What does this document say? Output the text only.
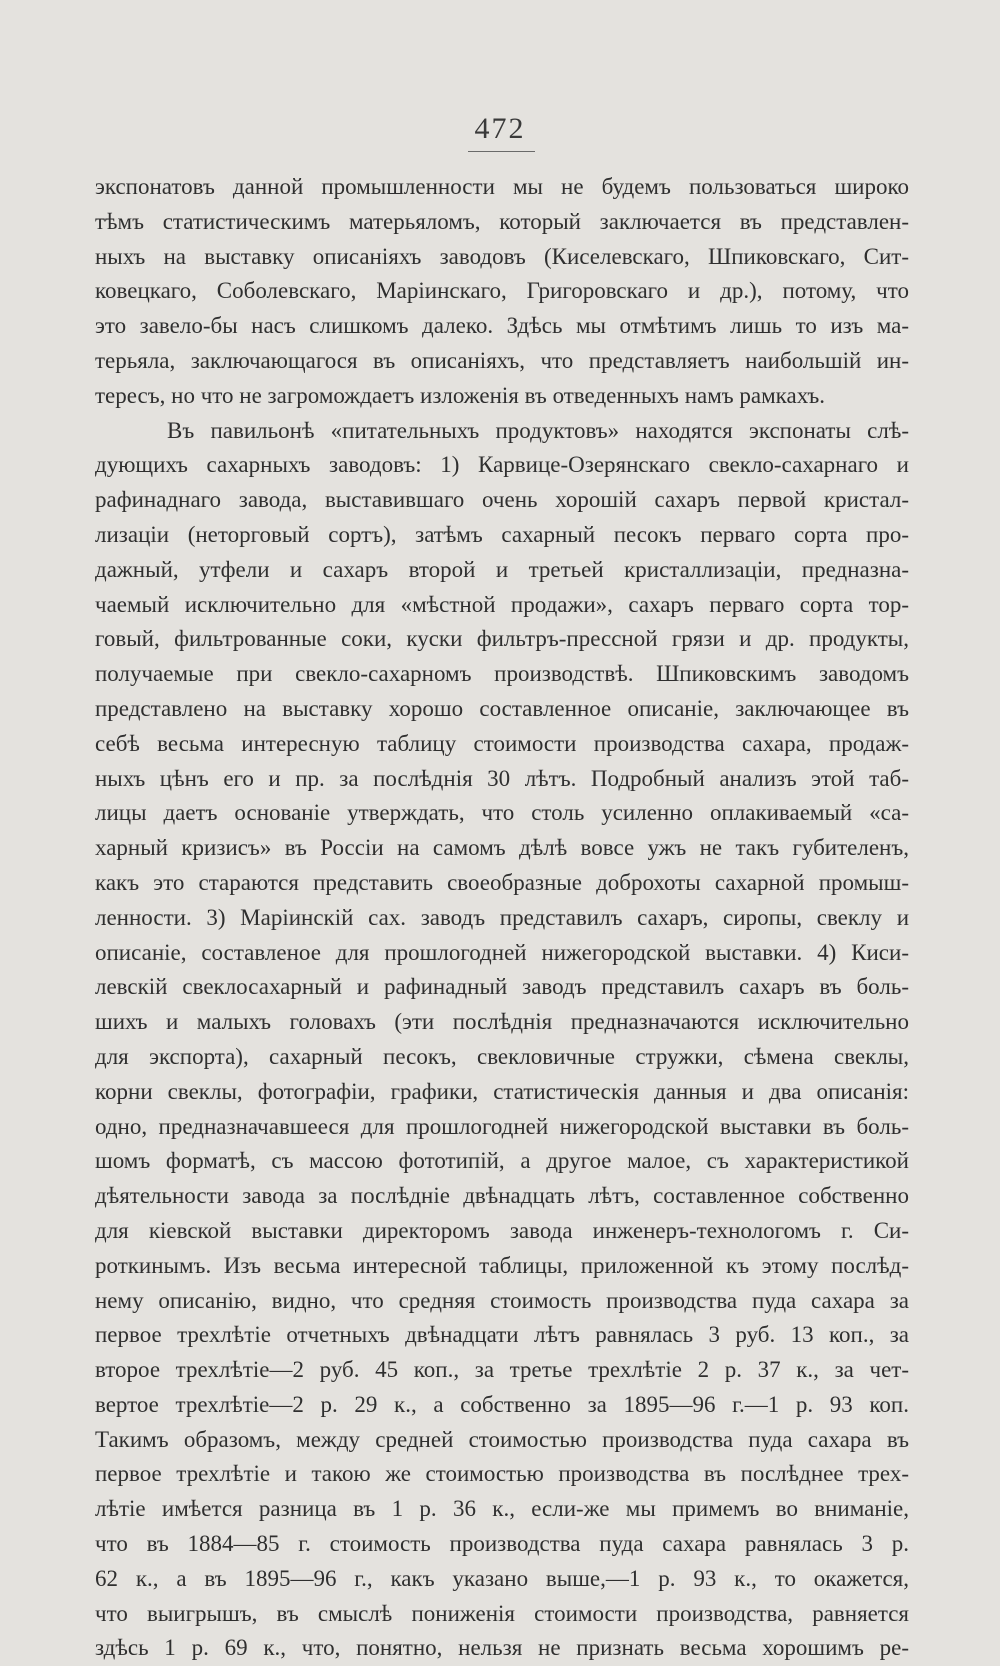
472
экспонатовъ данной промышленности мы не будемъ пользоваться широко
тѣмъ статистическимъ матерьяломъ, который заключается въ представлен-
ныхъ на выставку описаніяхъ заводовъ (Киселевскаго, Шпиковскаго, Сит-
ковецкаго, Соболевскаго, Маріинскаго, Григоровскаго и др.), потому, что
это завело-бы насъ слишкомъ далеко. Здѣсь мы отмѣтимъ лишь то изъ ма-
терьяла, заключающагося въ описаніяхъ, что представляетъ наибольшій ин-
тересъ, но что не загромождаетъ изложенія въ отведенныхъ намъ рамкахъ.
Въ павильонѣ «питательныхъ продуктовъ» находятся экспонаты слѣ-
дующихъ сахарныхъ заводовъ: 1) Карвице-Озерянскаго свекло-сахарнаго и
рафинаднаго завода, выставившаго очень хорошій сахаръ первой кристал-
лизаціи (неторговый сортъ), затѣмъ сахарный песокъ перваго сорта про-
дажный, утфели и сахаръ второй и третьей кристаллизаціи, предназна-
чаемый исключительно для «мѣстной продажи», сахаръ перваго сорта тор-
говый, фильтрованные соки, куски фильтръ-прессной грязи и др. продукты,
получаемые при свекло-сахарномъ производствѣ. Шпиковскимъ заводомъ
представлено на выставку хорошо составленное описаніе, заключающее въ
себѣ весьма интересную таблицу стоимости производства сахара, продаж-
ныхъ цѣнъ его и пр. за послѣднія 30 лѣтъ. Подробный анализъ этой таб-
лицы даетъ основаніе утверждать, что столь усиленно оплакиваемый «са-
харный кризисъ» въ Россіи на самомъ дѣлѣ вовсе ужъ не такъ губителенъ,
какъ это стараются представить своеобразные доброхоты сахарной промыш-
ленности. 3) Маріинскій сах. заводъ представилъ сахаръ, сиропы, свеклу и
описаніе, составленое для прошлогодней нижегородской выставки. 4) Киси-
левскій свеклосахарный и рафинадный заводъ представилъ сахаръ въ боль-
шихъ и малыхъ головахъ (эти послѣднія предназначаются исключительно
для экспорта), сахарный песокъ, свекловичные стружки, сѣмена свеклы,
корни свеклы, фотографіи, графики, статистическія данныя и два описанія:
одно, предназначавшееся для прошлогодней нижегородской выставки въ боль-
шомъ форматѣ, съ массою фототипій, а другое малое, съ характеристикой
дѣятельности завода за послѣдніе двѣнадцать лѣтъ, составленное собственно
для кіевской выставки директоромъ завода инженеръ-технологомъ г. Си-
роткинымъ. Изъ весьма интересной таблицы, приложенной къ этому послѣд-
нему описанію, видно, что средняя стоимость производства пуда сахара за
первое трехлѣтіе отчетныхъ двѣнадцати лѣтъ равнялась 3 руб. 13 коп., за
второе трехлѣтіе—2 руб. 45 коп., за третье трехлѣтіе 2 р. 37 к., за чет-
вертое трехлѣтіе—2 р. 29 к., а собственно за 1895—96 г.—1 р. 93 коп.
Такимъ образомъ, между средней стоимостью производства пуда сахара въ
первое трехлѣтіе и такою же стоимостью производства въ послѣднее трех-
лѣтіе имѣется разница въ 1 р. 36 к., если-же мы примемъ во вниманіе,
что въ 1884—85 г. стоимость производства пуда сахара равнялась 3 р.
62 к., а въ 1895—96 г., какъ указано выше,—1 р. 93 к., то окажется,
что выигрышъ, въ смыслѣ пониженія стоимости производства, равняется
здѣсь 1 р. 69 к., что, понятно, нельзя не признать весьма хорошимъ ре-
